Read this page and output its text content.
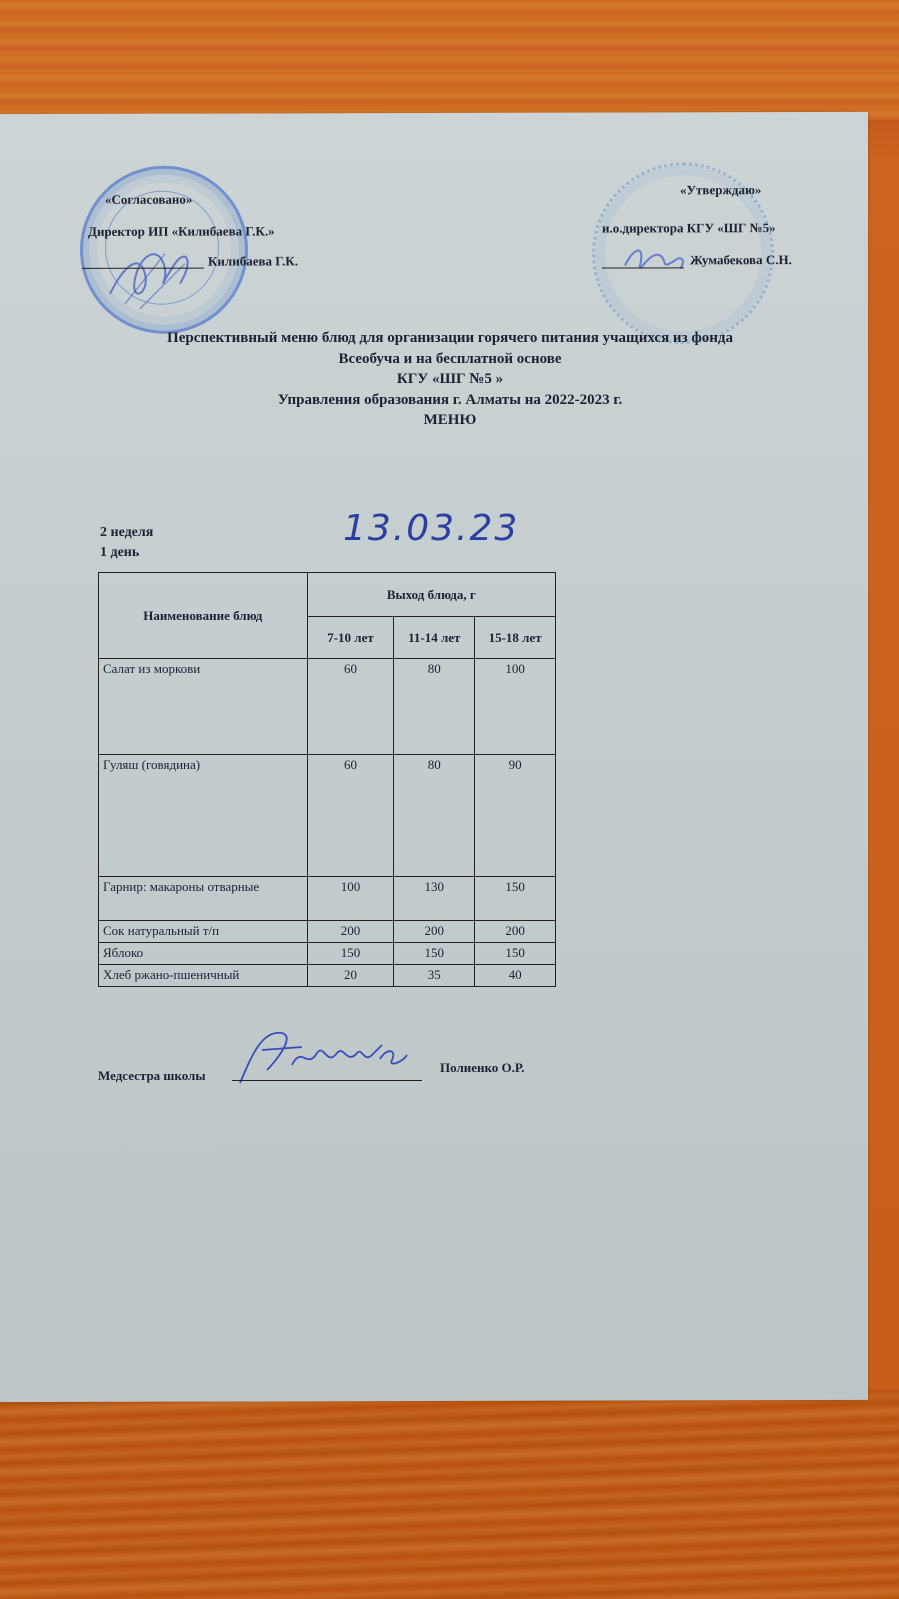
«Согласовано»
Директор ИП «Килибаева Г.К.»
Килибаева Г.К.
«Утверждаю»
и.о.директора КГУ «ШГ №5»
Жумабекова С.Н.
Перспективный меню блюд для организации горячего питания учащихся из фонда
Всеобуча и на бесплатной основе
КГУ «ШГ №5 »
Управления образования г. Алматы на 2022-2023 г.
МЕНЮ
2 неделя
1 день
13.03.23
Наименование блюд	Выход блюда, г		
	7-10 лет	11-14 лет	15-18 лет
Салат из моркови	60	80	100
Гуляш (говядина)	60	80	90
Гарнир: макароны отварные	100	130	150
Сок натуральный т/п	200	200	200
Яблоко	150	150	150
Хлеб ржано-пшеничный	20	35	40
Медсестра школы
Полиенко О.Р.
